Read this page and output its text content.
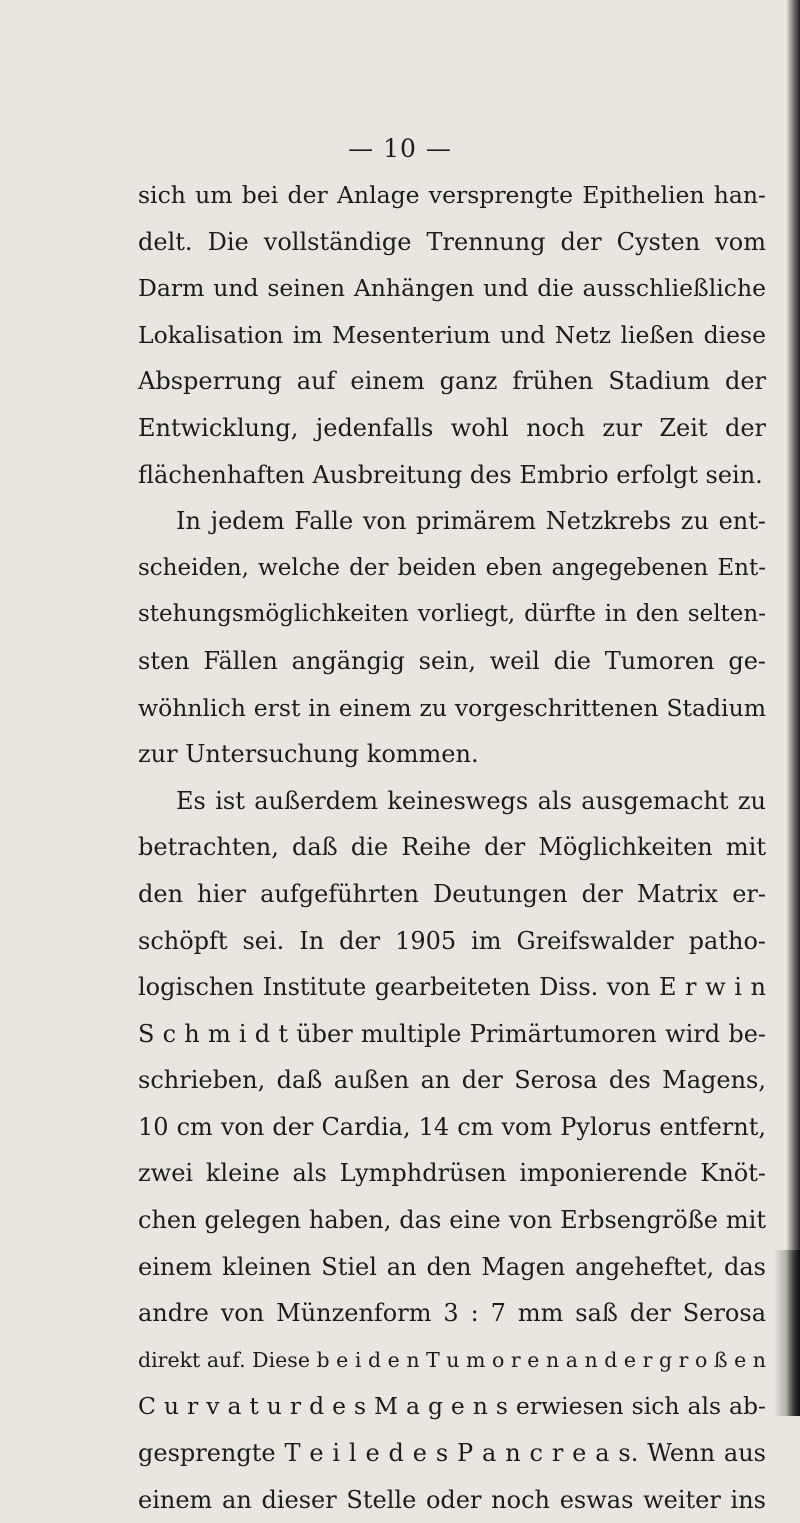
— 10 —

sich um bei der Anlage versprengte Epithelien han-
delt. Die vollständige Trennung der Cysten vom
Darm und seinen Anhängen und die ausschließliche
Lokalisation im Mesenterium und Netz ließen diese
Absperrung auf einem ganz frühen Stadium der
Entwicklung, jedenfalls wohl noch zur Zeit der
flächenhaften Ausbreitung des Embrio erfolgt sein.
In jedem Falle von primärem Netzkrebs zu ent-
scheiden, welche der beiden eben angegebenen Ent-
stehungsmöglichkeiten vorliegt, dürfte in den selten-
sten Fällen angängig sein, weil die Tumoren ge-
wöhnlich erst in einem zu vorgeschrittenen Stadium
zur Untersuchung kommen.
Es ist außerdem keineswegs als ausgemacht zu
betrachten, daß die Reihe der Möglichkeiten mit
den hier aufgeführten Deutungen der Matrix er-
schöpft sei. In der 1905 im Greifswalder patho-
logischen Institute gearbeiteten Diss. von E r w i n
S c h m i d t über multiple Primärtumoren wird be-
schrieben, daß außen an der Serosa des Magens,
10 cm von der Cardia, 14 cm vom Pylorus entfernt,
zwei kleine als Lymphdrüsen imponierende Knöt-
chen gelegen haben, das eine von Erbsengröße mit
einem kleinen Stiel an den Magen angeheftet, das
andre von Münzenform 3 : 7 mm saß der Serosa
direkt auf. Diese b e i d e n T u m o r e n a n d e r g r o ß e n
C u r v a t u r d e s M a g e n s erwiesen sich als ab-
gesprengte T e i l e d e s P a n c r e a s. Wenn aus
einem an dieser Stelle oder noch eswas weiter ins
